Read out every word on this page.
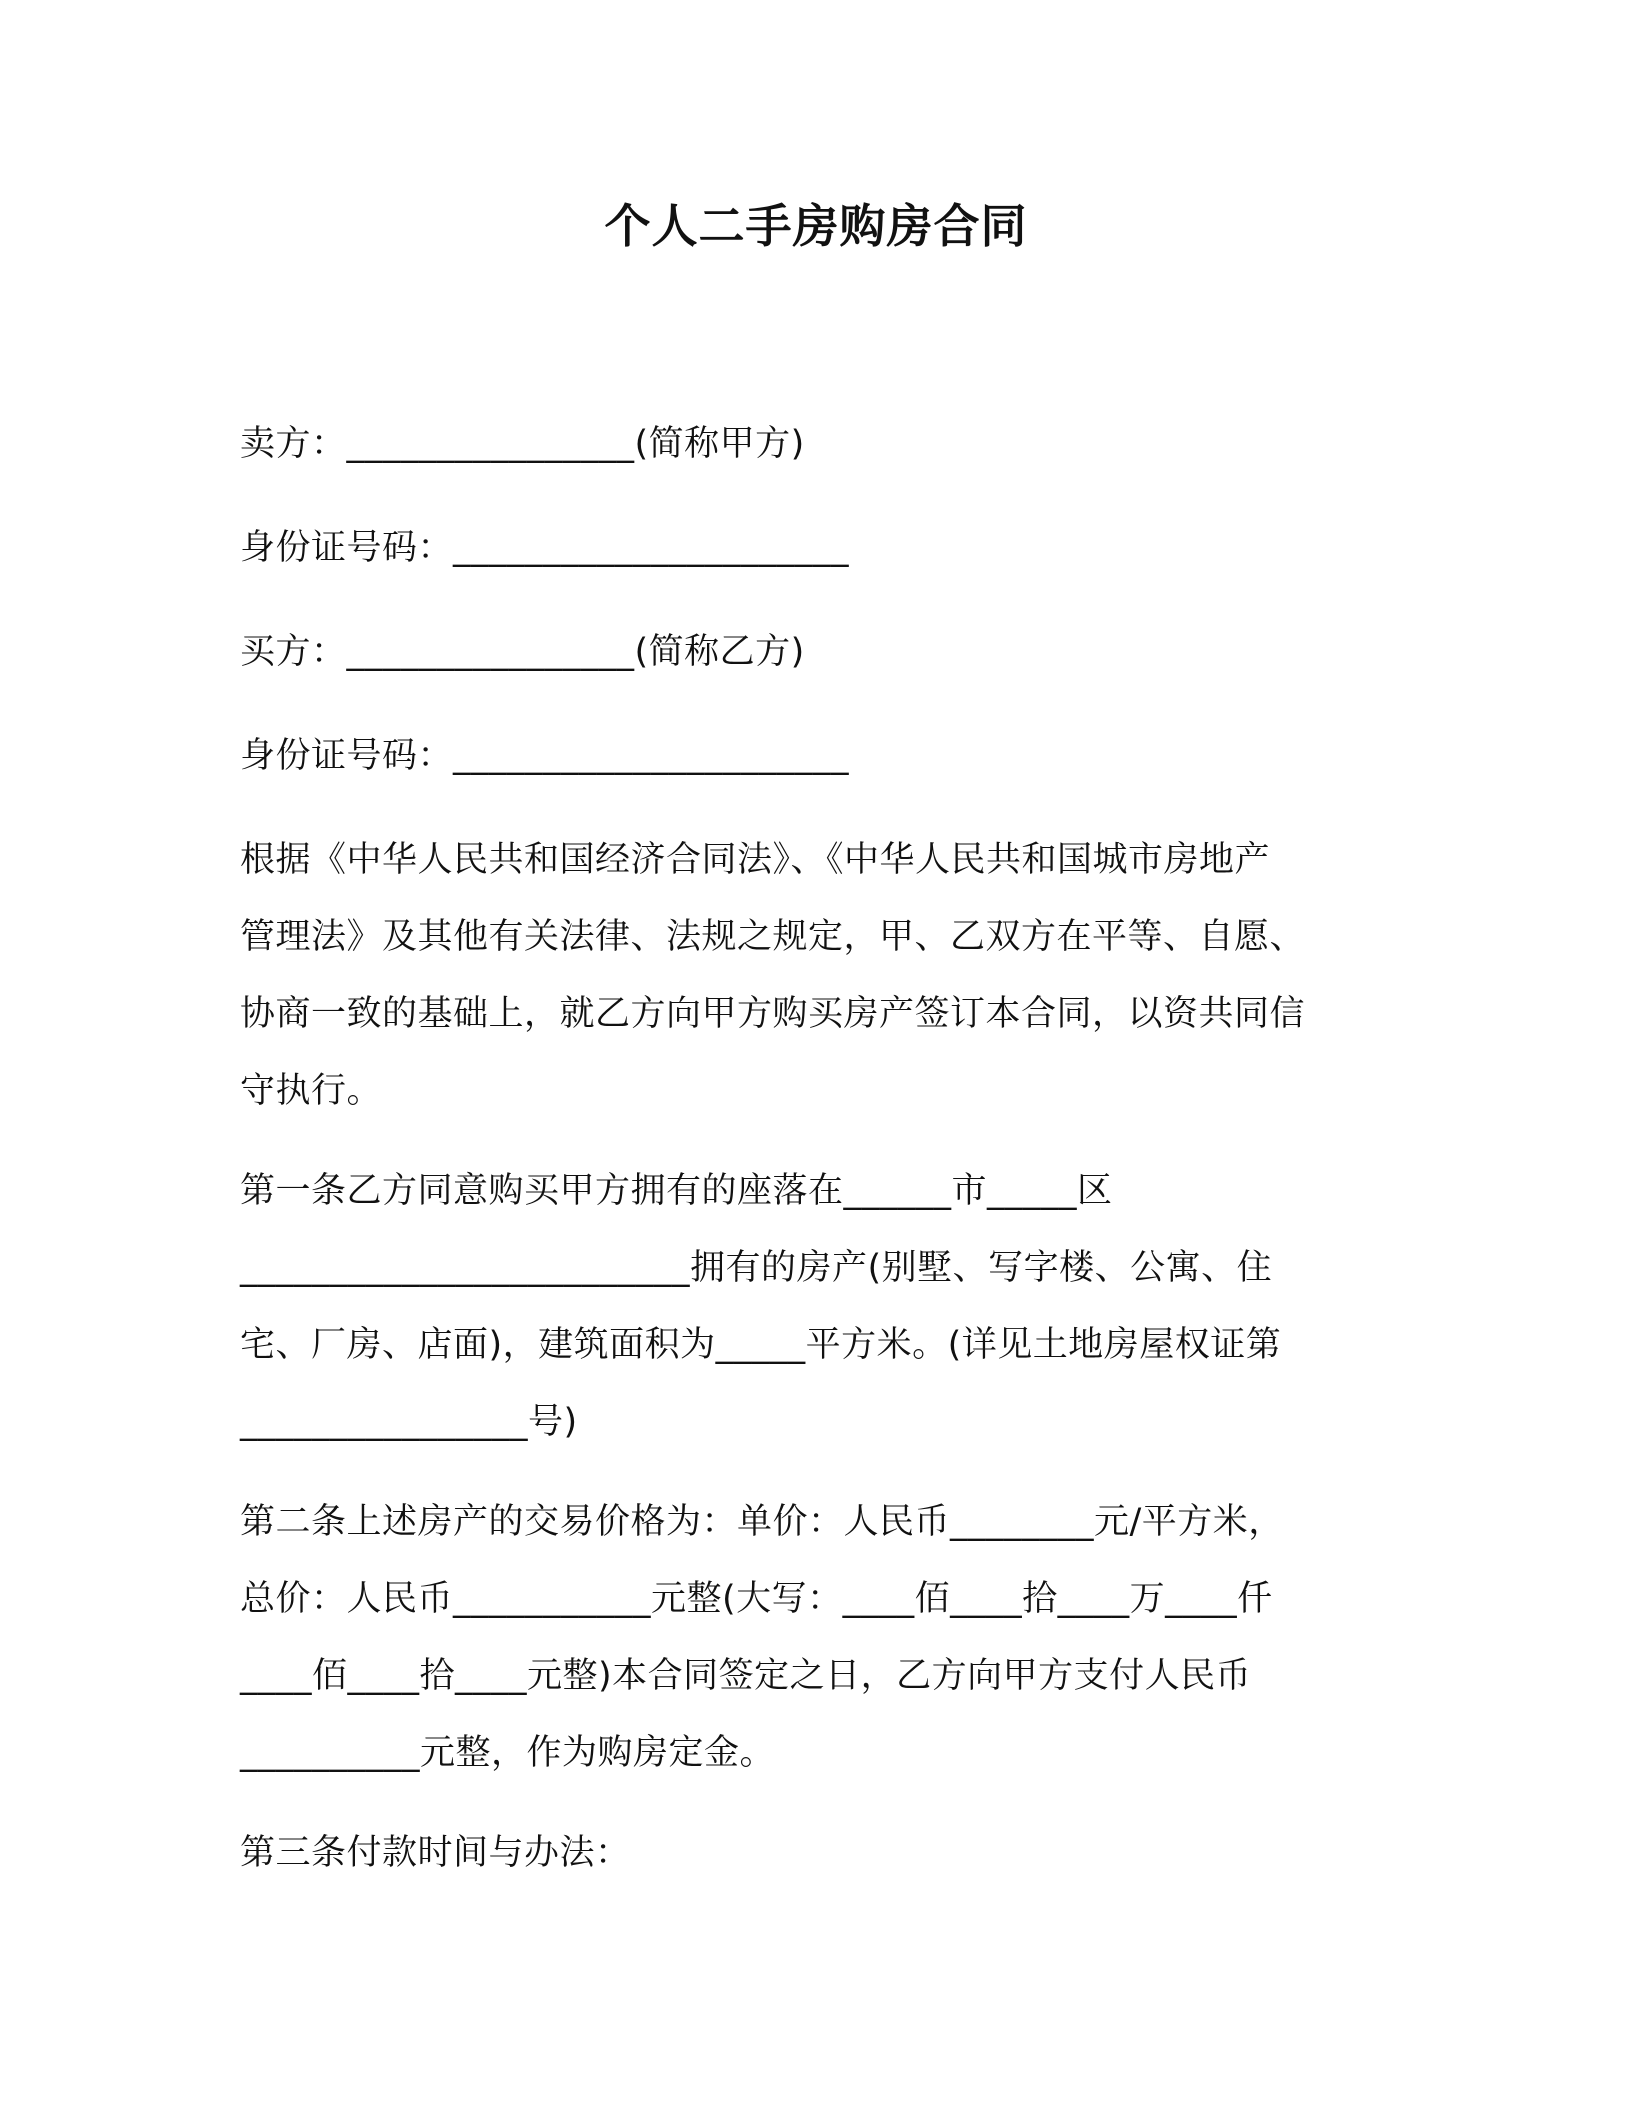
个人二手房购房合同

卖方：________________(简称甲方)

身份证号码：______________________

买方：________________(简称乙方)

身份证号码：______________________

根据《中华人民共和国经济合同法》、《中华人民共和国城市房地产

管理法》及其他有关法律、法规之规定，甲、乙双方在平等、自愿、

协商一致的基础上，就乙方向甲方购买房产签订本合同，以资共同信

守执行。

第一条乙方同意购买甲方拥有的座落在______市_____区

_________________________拥有的房产(别墅、写字楼、公寓、住

宅、厂房、店面)，建筑面积为_____平方米。(详见土地房屋权证第

________________号)

第二条上述房产的交易价格为：单价：人民币________元/平方米，

总价：人民币___________元整(大写：____佰____拾____万____仟

____佰____拾____元整)本合同签定之日，乙方向甲方支付人民币

__________元整，作为购房定金。

第三条付款时间与办法：
